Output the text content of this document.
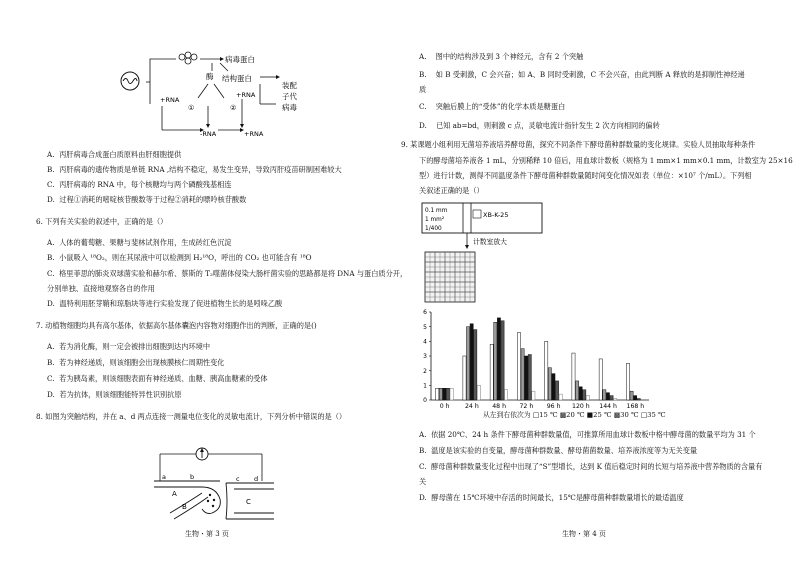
病毒蛋白
酶 结构蛋白
+RNA
①
-RNA
②
+RNA
+RNA
装配
子代
病毒
A. 丙肝病毒合成蛋白质原料由肝细胞提供
B. 丙肝病毒的遗传物质是单链 RNA ,结构不稳定，易发生变异，导致丙肝疫苗研制困难较大
C. 丙肝病毒的 RNA 中，每个核糖均与两个磷酸残基相连
D. 过程①消耗的嘧啶核苷酸数等于过程②消耗的嘌呤核苷酸数
6. 下列有关实验的叙述中，正确的是（）
A. 人体的葡萄糖、果糖与斐林试剂作用，生成砖红色沉淀
B. 小鼠吸入 ¹⁸O₂，则在其尿液中可以检测到 H₂¹⁸O，呼出的 CO₂ 也可能含有 ¹⁸O
C. 格里菲思的肺炎双球菌实验和赫尔希、蔡斯的 T₂噬菌体侵染大肠杆菌实验的思路都是将 DNA 与蛋白质分开，
分别单独、直接地观察各自的作用
D. 温特利用胚芽鞘和琼脂块等进行实验发现了促进植物生长的是吲哚乙酸
7. 动植物细胞均具有高尔基体，依据高尔基体囊泡内容物对细胞作出的判断，正确的是()
A. 若为消化酶，则一定会被排出细胞到达内环境中
B. 若为神经递质，则该细胞会出现核膜核仁周期性变化
C. 若为胰岛素，则该细胞表面有神经递质、血糖、胰高血糖素的受体
D. 若为抗体，则该细胞能特异性识别抗原
8. 如图为突触结构，并在 a、d 两点连接一测量电位变化的灵敏电流计，下列分析中错误的是（）
a	b	c d
A
B
C
生物・第 3 页
A. 图中的结构涉及到 3 个神经元，含有 2 个突触
B. 如 B 受刺激，C 会兴奋；如 A、B 同时受刺激，C 不会兴奋，由此判断 A 释放的是抑制性神经递
质
C. 突触后膜上的“受体”的化学本质是糖蛋白
D. 已知 ab=bd，则刺激 c 点，灵敏电流计指针发生 2 次方向相同的偏转
9. 某课题小组利用无菌培养液培养酵母菌，探究不同条件下酵母菌种群数量的变化规律。实验人员抽取每种条件
下的酵母菌培养液各 1 mL，分别稀释 10 倍后，用血球计数板（规格为 1 mm×1 mm×0.1 mm，计数室为 25×16
型）进行计数，测得不同温度条件下酵母菌种群数量随时间变化情况如表（单位：×10⁷ 个/mL）。下列相
关叙述正确的是（）
0.1 mm
1 mm²
1/400
XB-K-25
计数室放大
0
1
2
3
4
5
6
0 h 24 h 48 h 72 h 96 h 120 h 144 h 168 h
从左到右依次为 □15 ℃ ▩20 ℃ ■25 ℃ ▩30 ℃ □35 ℃
A. 依据 20℃、24 h 条件下酵母菌种群数量值，可推算所用血球计数板中格中酵母菌的数量平均为 31 个
B. 温度是该实验的自变量，酵母菌种群数量、酵母菌菌数量、培养液浓度等为无关变量
C. 酵母菌种群数量变化过程中出现了“S”型增长，达到 K 值后稳定时间的长短与培养液中营养物质的含量有
关
D. 酵母菌在 15℃环境中存活的时间最长，15℃是酵母菌种群数量增长的最适温度
生物・第 4 页
